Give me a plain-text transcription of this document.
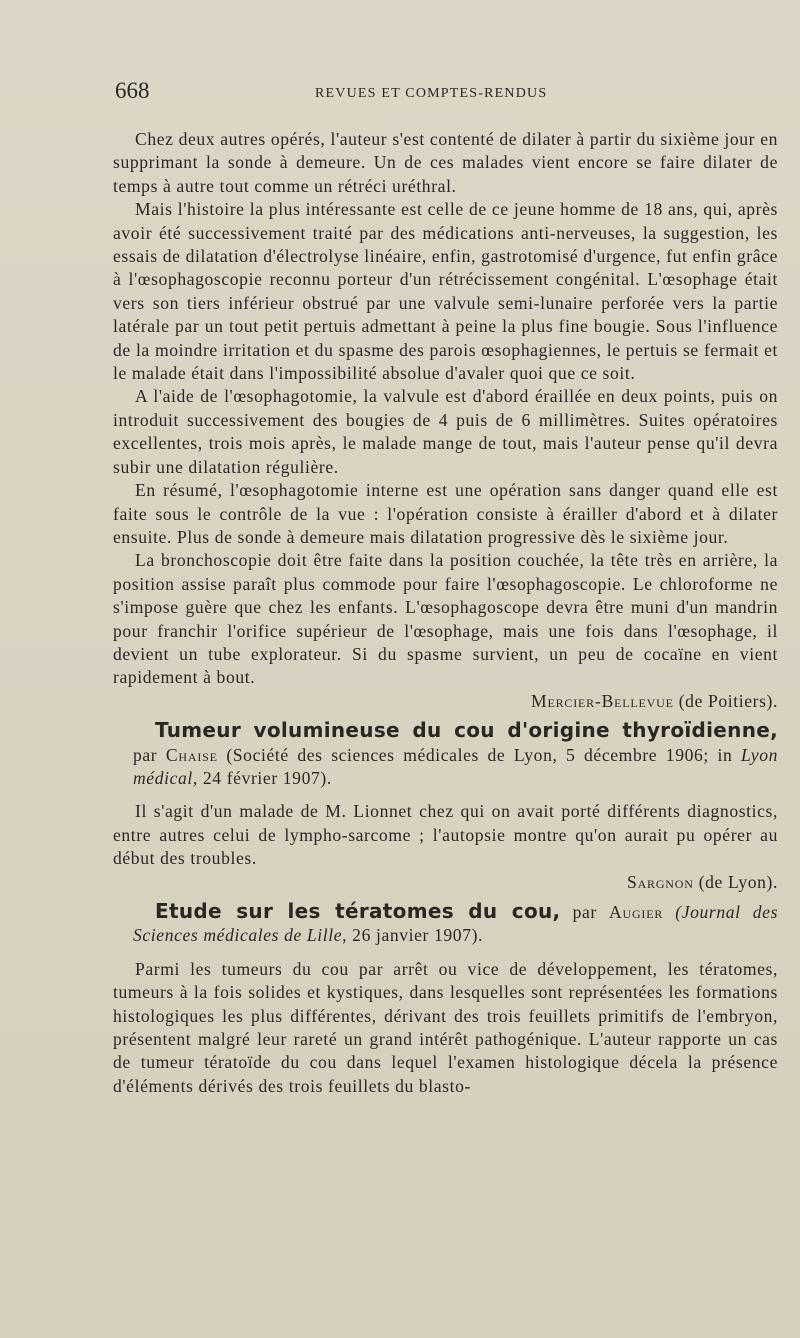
668	REVUES ET COMPTES-RENDUS

Chez deux autres opérés, l'auteur s'est contenté de dilater à partir du sixième jour en supprimant la sonde à demeure. Un de ces malades vient encore se faire dilater de temps à autre tout comme un rétréci uréthral.

Mais l'histoire la plus intéressante est celle de ce jeune homme de 18 ans, qui, après avoir été successivement traité par des médications anti-nerveuses, la suggestion, les essais de dilatation d'électrolyse linéaire, enfin, gastrotomisé d'urgence, fut enfin grâce à l'œsophagoscopie reconnu porteur d'un rétrécissement congénital. L'œsophage était vers son tiers inférieur obstrué par une valvule semi-lunaire perforée vers la partie latérale par un tout petit pertuis admettant à peine la plus fine bougie. Sous l'influence de la moindre irritation et du spasme des parois œsophagiennes, le pertuis se fermait et le malade était dans l'impossibilité absolue d'avaler quoi que ce soit.

A l'aide de l'œsophagotomie, la valvule est d'abord éraillée en deux points, puis on introduit successivement des bougies de 4 puis de 6 millimètres. Suites opératoires excellentes, trois mois après, le malade mange de tout, mais l'auteur pense qu'il devra subir une dilatation régulière.

En résumé, l'œsophagotomie interne est une opération sans danger quand elle est faite sous le contrôle de la vue : l'opération consiste à érailler d'abord et à dilater ensuite. Plus de sonde à demeure mais dilatation progressive dès le sixième jour.

La bronchoscopie doit être faite dans la position couchée, la tête très en arrière, la position assise paraît plus commode pour faire l'œsophagoscopie. Le chloroforme ne s'impose guère que chez les enfants. L'œsophagoscope devra être muni d'un mandrin pour franchir l'orifice supérieur de l'œsophage, mais une fois dans l'œsophage, il devient un tube explorateur. Si du spasme survient, un peu de cocaïne en vient rapidement à bout.

Mercier-Bellevue (de Poitiers).

Tumeur volumineuse du cou d'origine thyroïdienne, par Chaise (Société des sciences médicales de Lyon, 5 décembre 1906; in Lyon médical, 24 février 1907).

Il s'agit d'un malade de M. Lionnet chez qui on avait porté différents diagnostics, entre autres celui de lympho-sarcome ; l'autopsie montre qu'on aurait pu opérer au début des troubles.

Sargnon (de Lyon).

Etude sur les tératomes du cou, par Augier (Journal des Sciences médicales de Lille, 26 janvier 1907).

Parmi les tumeurs du cou par arrêt ou vice de développement, les tératomes, tumeurs à la fois solides et kystiques, dans lesquelles sont représentées les formations histologiques les plus différentes, dérivant des trois feuillets primitifs de l'embryon, présentent malgré leur rareté un grand intérêt pathogénique. L'auteur rapporte un cas de tumeur tératoïde du cou dans lequel l'examen histologique décela la présence d'éléments dérivés des trois feuillets du blasto-
